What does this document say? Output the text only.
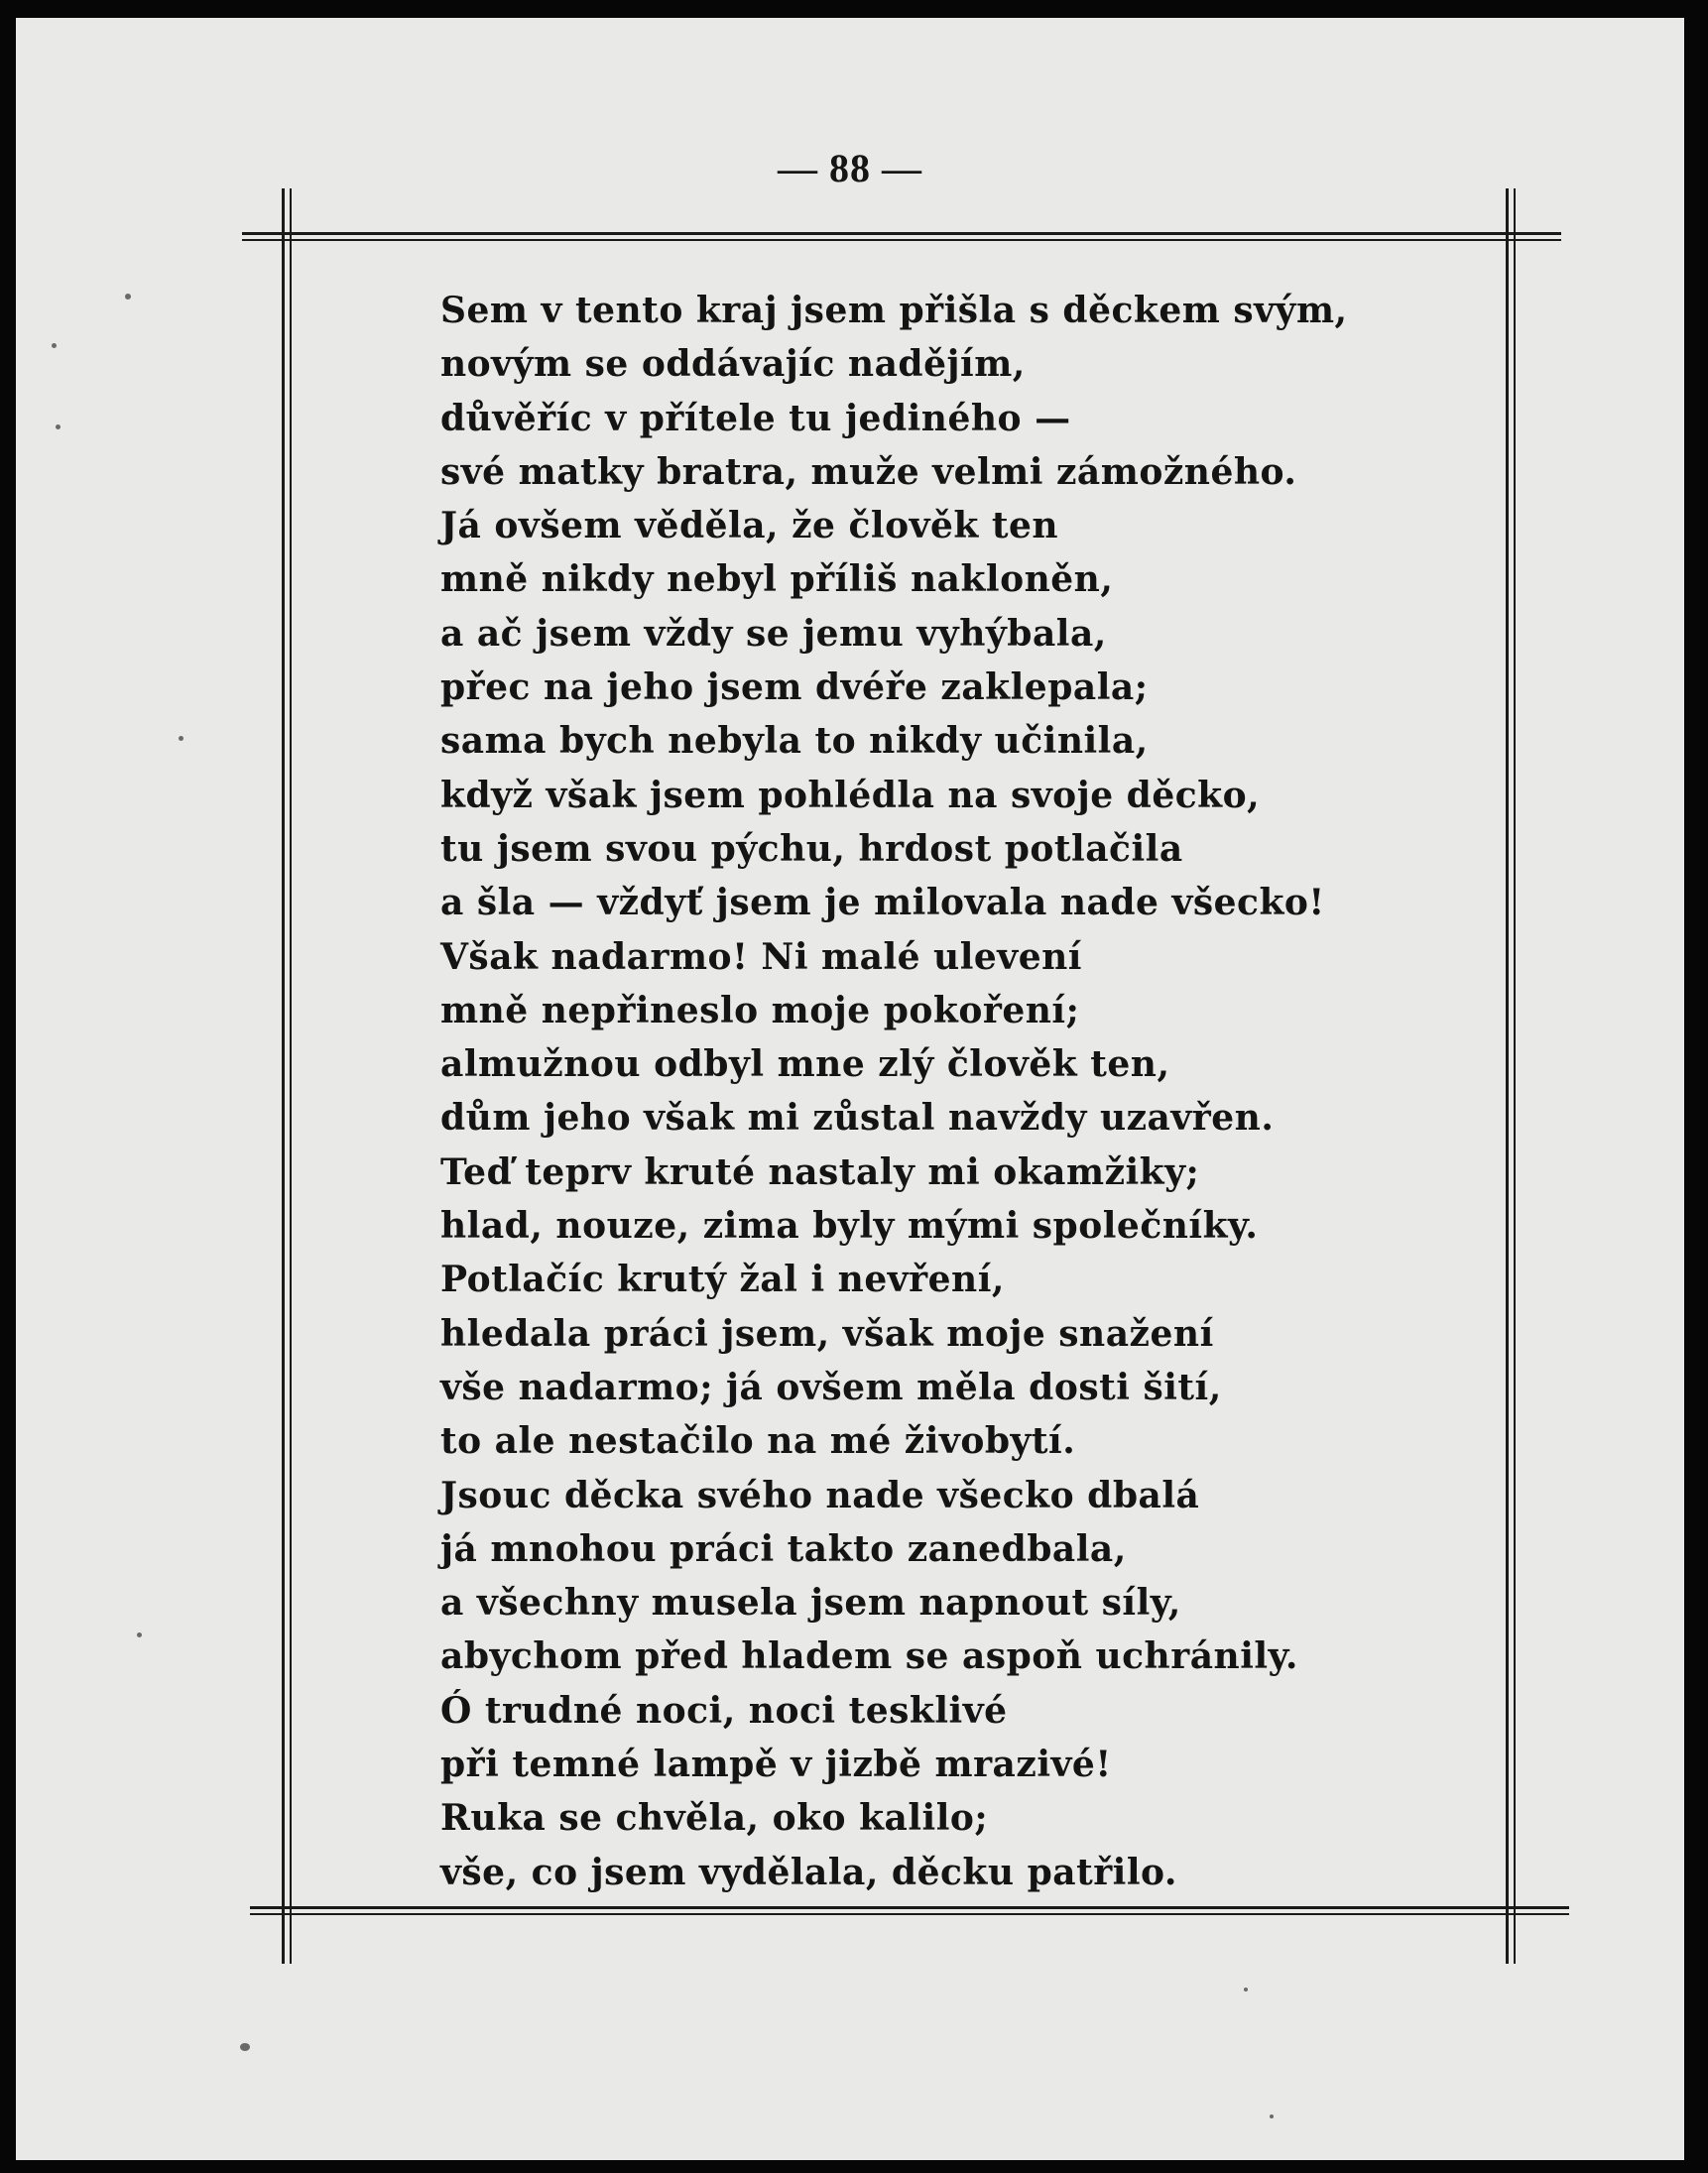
— 88 —
Sem v tento kraj jsem přišla s děckem svým,
novým se oddávajíc nadějím,
důvěříc v přítele tu jediného —
své matky bratra, muže velmi zámožného.
Já ovšem věděla, že člověk ten
mně nikdy nebyl příliš nakloněn,
a ač jsem vždy se jemu vyhýbala,
přec na jeho jsem dvéře zaklepala;
sama bych nebyla to nikdy učinila,
když však jsem pohlédla na svoje děcko,
tu jsem svou pýchu, hrdost potlačila
a šla — vždyť jsem je milovala nade všecko!
Však nadarmo! Ni malé ulevení
mně nepřineslo moje pokoření;
almužnou odbyl mne zlý člověk ten,
dům jeho však mi zůstal navždy uzavřen.
Teď teprv kruté nastaly mi okamžiky;
hlad, nouze, zima byly mými společníky.
Potlačíc krutý žal i nevření,
hledala práci jsem, však moje snažení
vše nadarmo; já ovšem měla dosti šití,
to ale nestačilo na mé živobytí.
Jsouc děcka svého nade všecko dbalá
já mnohou práci takto zanedbala,
a všechny musela jsem napnout síly,
abychom před hladem se aspoň uchránily.
Ó trudné noci, noci tesklivé
při temné lampě v jizbě mrazivé!
Ruka se chvěla, oko kalilo;
vše, co jsem vydělala, děcku patřilo.
